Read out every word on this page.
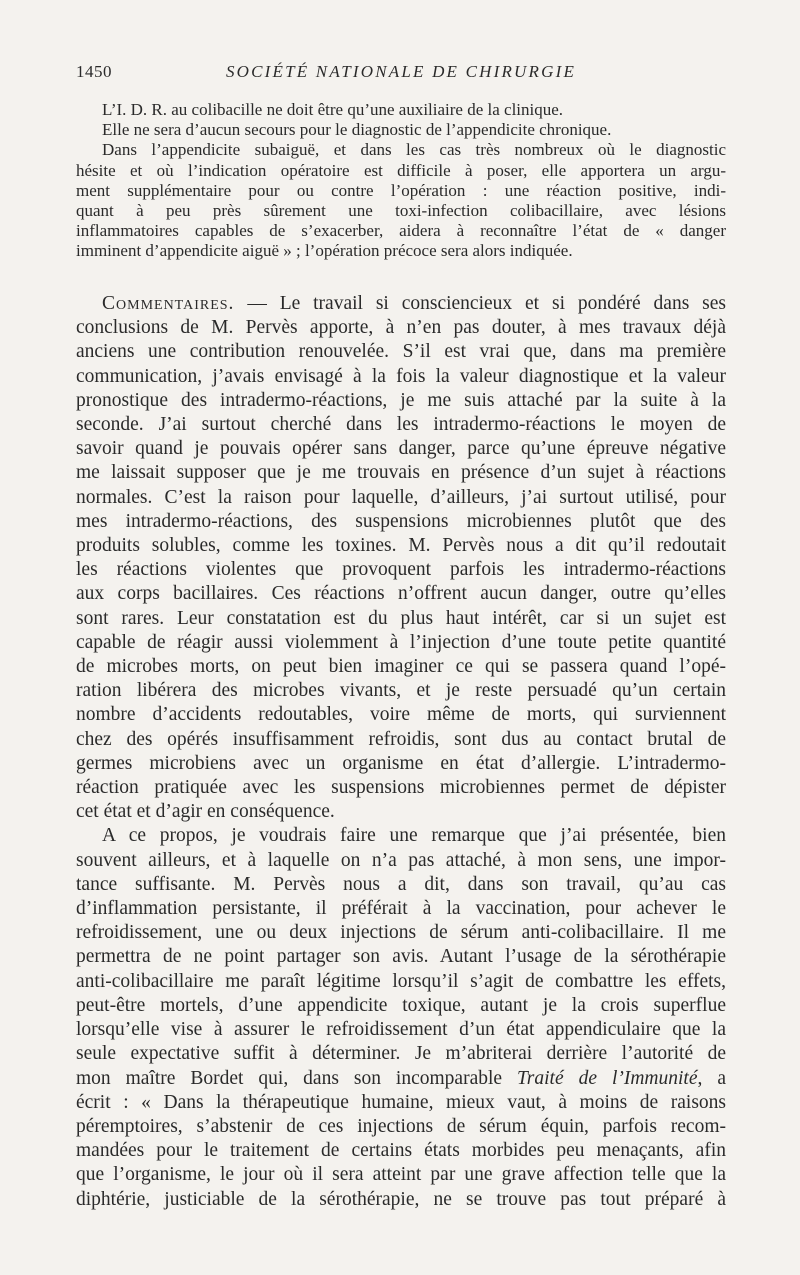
1450	SOCIÉTÉ NATIONALE DE CHIRURGIE
L’I. D. R. au colibacille ne doit être qu’une auxiliaire de la clinique.
Elle ne sera d’aucun secours pour le diagnostic de l’appendicite chronique.
Dans l’appendicite subaiguë, et dans les cas très nombreux où le diagnostic
hésite et où l’indication opératoire est difficile à poser, elle apportera un argu-
ment supplémentaire pour ou contre l’opération : une réaction positive, indi-
quant à peu près sûrement une toxi-infection colibacillaire, avec lésions
inflammatoires capables de s’exacerber, aidera à reconnaître l’état de « danger
imminent d’appendicite aiguë » ; l’opération précoce sera alors indiquée.
Commentaires. — Le travail si consciencieux et si pondéré dans ses
conclusions de M. Pervès apporte, à n’en pas douter, à mes travaux déjà
anciens une contribution renouvelée. S’il est vrai que, dans ma première
communication, j’avais envisagé à la fois la valeur diagnostique et la valeur
pronostique des intradermo-réactions, je me suis attaché par la suite à la
seconde. J’ai surtout cherché dans les intradermo-réactions le moyen de
savoir quand je pouvais opérer sans danger, parce qu’une épreuve négative
me laissait supposer que je me trouvais en présence d’un sujet à réactions
normales. C’est la raison pour laquelle, d’ailleurs, j’ai surtout utilisé, pour
mes intradermo-réactions, des suspensions microbiennes plutôt que des
produits solubles, comme les toxines. M. Pervès nous a dit qu’il redoutait
les réactions violentes que provoquent parfois les intradermo-réactions
aux corps bacillaires. Ces réactions n’offrent aucun danger, outre qu’elles
sont rares. Leur constatation est du plus haut intérêt, car si un sujet est
capable de réagir aussi violemment à l’injection d’une toute petite quantité
de microbes morts, on peut bien imaginer ce qui se passera quand l’opé-
ration libérera des microbes vivants, et je reste persuadé qu’un certain
nombre d’accidents redoutables, voire même de morts, qui surviennent
chez des opérés insuffisamment refroidis, sont dus au contact brutal de
germes microbiens avec un organisme en état d’allergie. L’intradermo-
réaction pratiquée avec les suspensions microbiennes permet de dépister
cet état et d’agir en conséquence.
A ce propos, je voudrais faire une remarque que j’ai présentée, bien
souvent ailleurs, et à laquelle on n’a pas attaché, à mon sens, une impor-
tance suffisante. M. Pervès nous a dit, dans son travail, qu’au cas
d’inflammation persistante, il préférait à la vaccination, pour achever le
refroidissement, une ou deux injections de sérum anti-colibacillaire. Il me
permettra de ne point partager son avis. Autant l’usage de la sérothérapie
anti-colibacillaire me paraît légitime lorsqu’il s’agit de combattre les effets,
peut-être mortels, d’une appendicite toxique, autant je la crois superflue
lorsqu’elle vise à assurer le refroidissement d’un état appendiculaire que la
seule expectative suffit à déterminer. Je m’abriterai derrière l’autorité de
mon maître Bordet qui, dans son incomparable Traité de l’Immunité, a
écrit : « Dans la thérapeutique humaine, mieux vaut, à moins de raisons
péremptoires, s’abstenir de ces injections de sérum équin, parfois recom-
mandées pour le traitement de certains états morbides peu menaçants, afin
que l’organisme, le jour où il sera atteint par une grave affection telle que la
diphtérie, justiciable de la sérothérapie, ne se trouve pas tout préparé à
